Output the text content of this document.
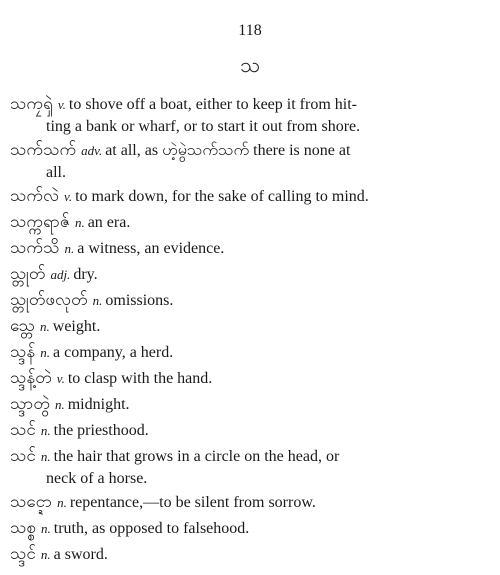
118
သ
သကၠၡဲ v. to shove off a boat, either to keep it from hit-
ting a bank or wharf, or to start it out from shore.
သက်သက် adv. at all, as ဟဲ့မွဲသက်သက် there is none at
all.
သက်လဲ v. to mark down, for the sake of calling to mind.
သက္ကရာဇ် n. an era.
သက်သိ n. a witness, an evidence.
သ္တုတ် adj. dry.
သ္တုတ်ဖလုတ် n. omissions.
သ္တေ n. weight.
သ္ဒန် n. a company, a herd.
သ္ဒန့်တဲ v. to clasp with the hand.
သ္ဒာတွဲ n. midnight.
သင် n. the priesthood.
သင် n. the hair that grows in a circle on the head, or
neck of a horse.
သင္ဍော n. repentance,—to be silent from sorrow.
သစ္စ n. truth, as opposed to falsehood.
သ္ဒင် n. a sword.
